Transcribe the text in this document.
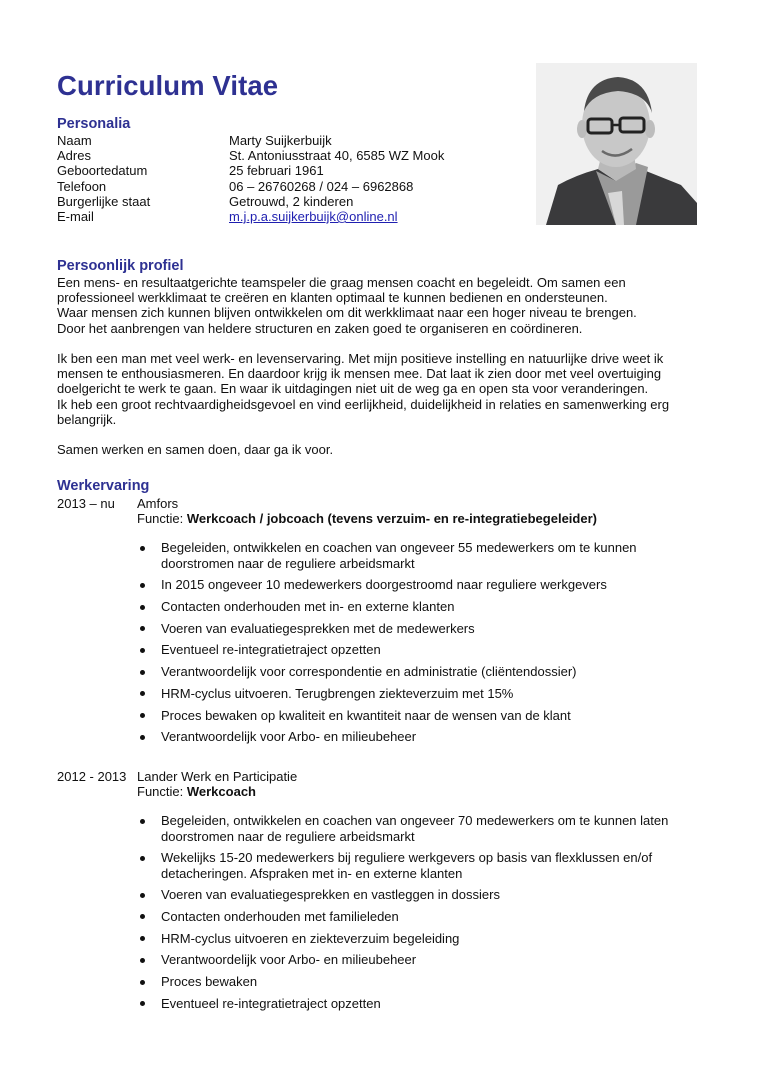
Curriculum Vitae
Personalia
Naam	Marty Suijkerbuijk
Adres	St. Antoniusstraat 40, 6585 WZ Mook
Geboortedatum	25 februari 1961
Telefoon	06 – 26760268 / 024 – 6962868
Burgerlijke staat	Getrouwd, 2 kinderen
E-mail	m.j.p.a.suijkerbuijk@online.nl
Persoonlijk profiel

Een mens- en resultaatgerichte teamspeler die graag mensen coacht en begeleidt. Om samen een
professioneel werkklimaat te creëren en klanten optimaal te kunnen bedienen en ondersteunen.
Waar mensen zich kunnen blijven ontwikkelen om dit werkklimaat naar een hoger niveau te brengen.
Door het aanbrengen van heldere structuren en zaken goed te organiseren en coördineren.

Ik ben een man met veel werk- en levenservaring. Met mijn positieve instelling en natuurlijke drive weet ik
mensen te enthousiasmeren. En daardoor krijg ik mensen mee. Dat laat ik zien door met veel overtuiging
doelgericht te werk te gaan. En waar ik uitdagingen niet uit de weg ga en open sta voor veranderingen.
Ik heb een groot rechtvaardigheidsgevoel en vind eerlijkheid, duidelijkheid in relaties en samenwerking erg
belangrijk.

Samen werken en samen doen, daar ga ik voor.

Werkervaring
2013 – nu	Amfors
Functie: Werkcoach / jobcoach (tevens verzuim- en re-integratiebegeleider)
Begeleiden, ontwikkelen en coachen van ongeveer 55 medewerkers om te kunnen
doorstromen naar de reguliere arbeidsmarkt
In 2015 ongeveer 10 medewerkers doorgestroomd naar reguliere werkgevers
Contacten onderhouden met in- en externe klanten
Voeren van evaluatiegesprekken met de medewerkers
Eventueel re-integratietraject opzetten
Verantwoordelijk voor correspondentie en administratie (cliëntendossier)
HRM-cyclus uitvoeren. Terugbrengen ziekteverzuim met 15%
Proces bewaken op kwaliteit en kwantiteit naar de wensen van de klant
Verantwoordelijk voor Arbo- en milieubeheer
2012 - 2013 Lander Werk en Participatie
Functie: Werkcoach
Begeleiden, ontwikkelen en coachen van ongeveer 70 medewerkers om te kunnen laten
doorstromen naar de reguliere arbeidsmarkt
Wekelijks 15-20 medewerkers bij reguliere werkgevers op basis van flexklussen en/of
detacheringen. Afspraken met in- en externe klanten
Voeren van evaluatiegesprekken en vastleggen in dossiers
Contacten onderhouden met familieleden
HRM-cyclus uitvoeren en ziekteverzuim begeleiding
Verantwoordelijk voor Arbo- en milieubeheer
Proces bewaken
Eventueel re-integratietraject opzetten
